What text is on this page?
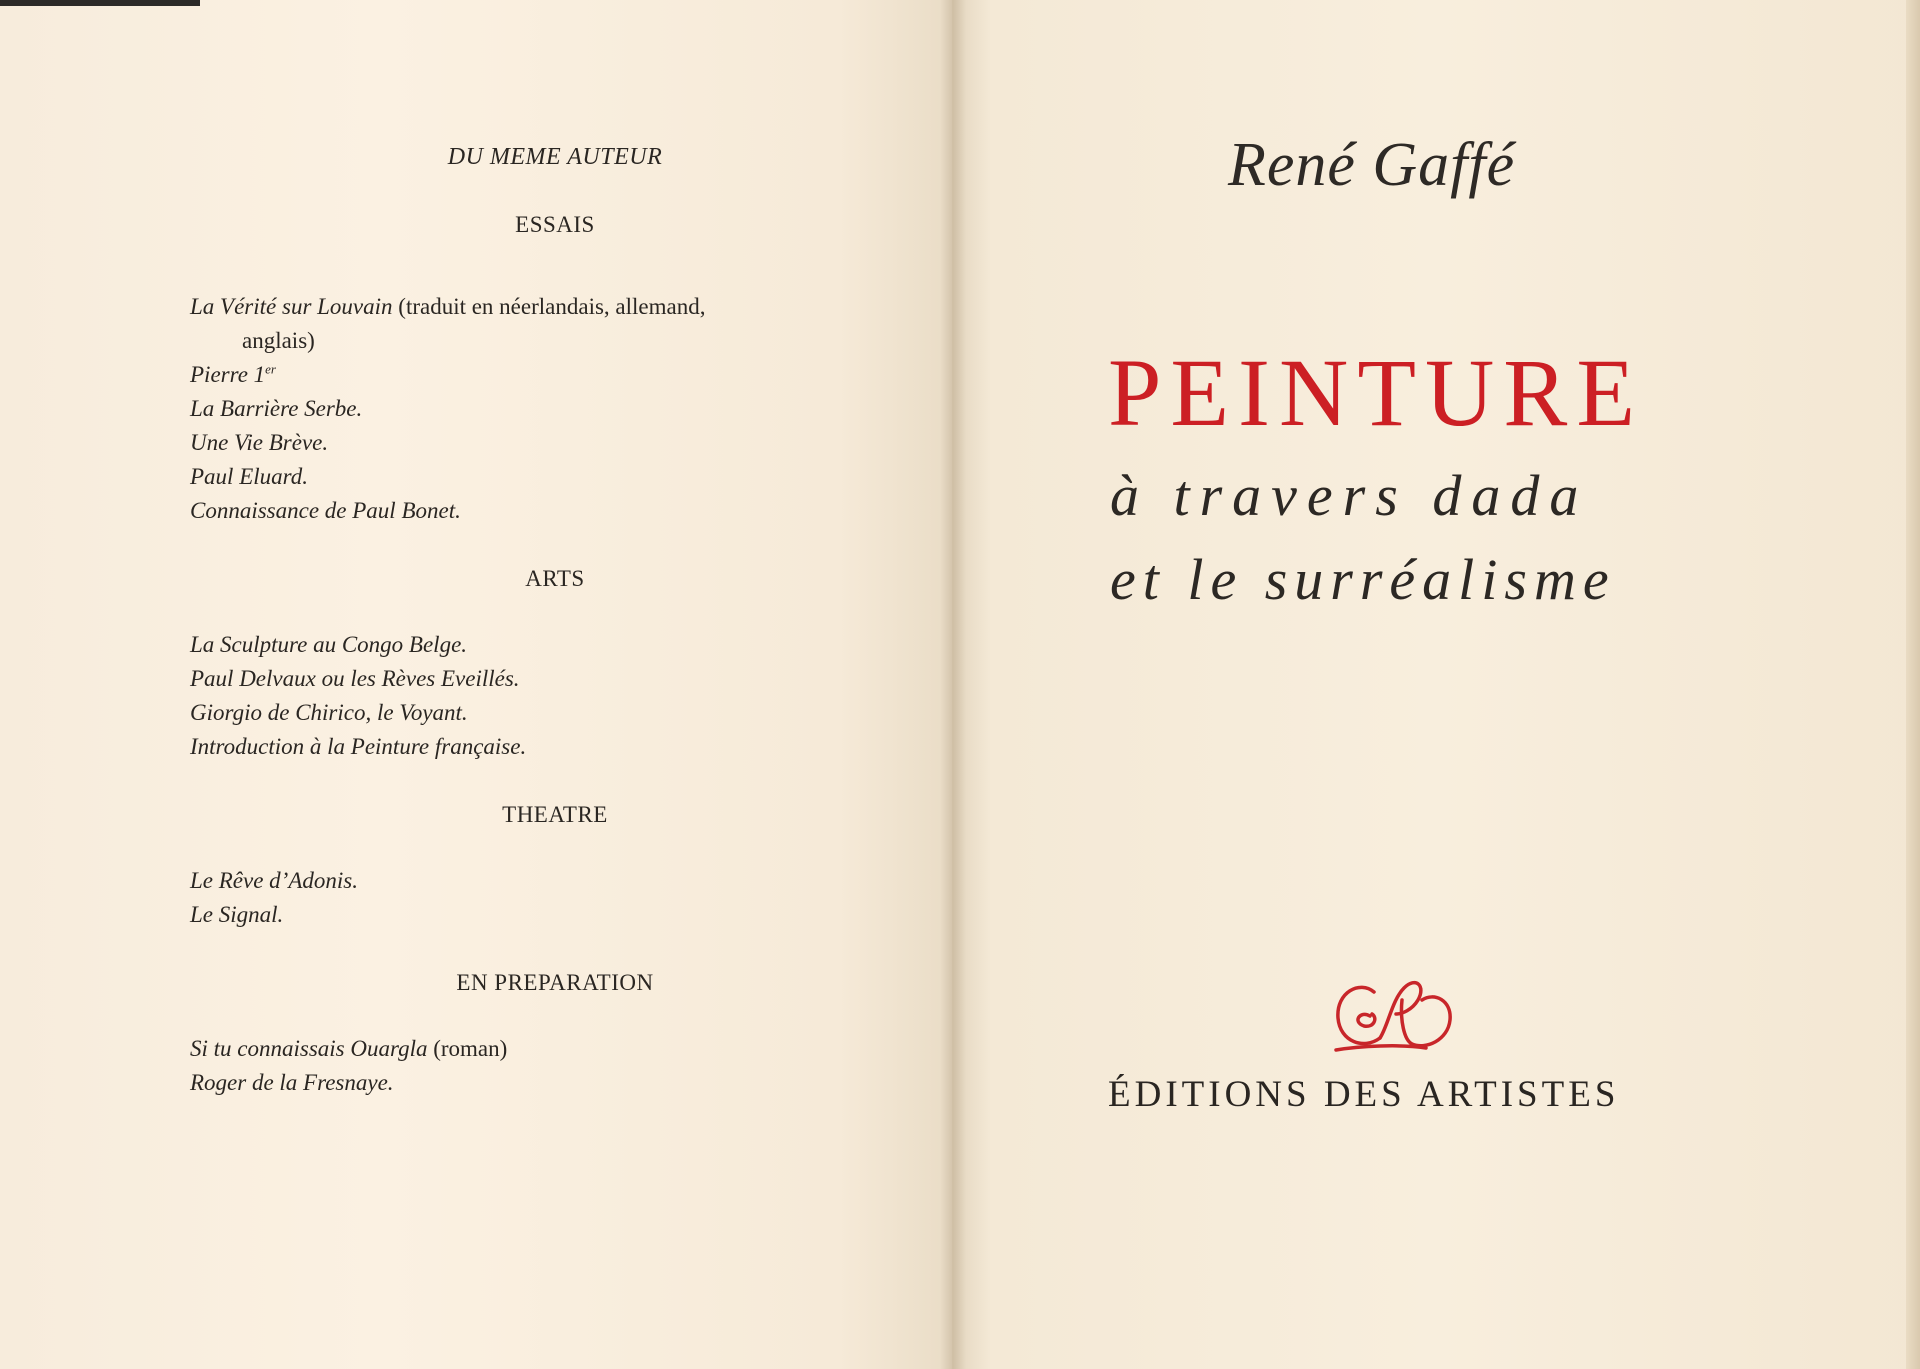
DU MEME AUTEUR
ESSAIS
La Vérité sur Louvain (traduit en néerlandais, allemand,
anglais)
Pierre 1er
La Barrière Serbe.
Une Vie Brève.
Paul Eluard.
Connaissance de Paul Bonet.
ARTS
La Sculpture au Congo Belge.
Paul Delvaux ou les Rèves Eveillés.
Giorgio de Chirico, le Voyant.
Introduction à la Peinture française.
THEATRE
Le Rêve d’Adonis.
Le Signal.
EN PREPARATION
Si tu connaissais Ouargla (roman)
Roger de la Fresnaye.
René Gaffé
PEINTURE
à travers dada
et le surréalisme
ÉDITIONS DES ARTISTES
